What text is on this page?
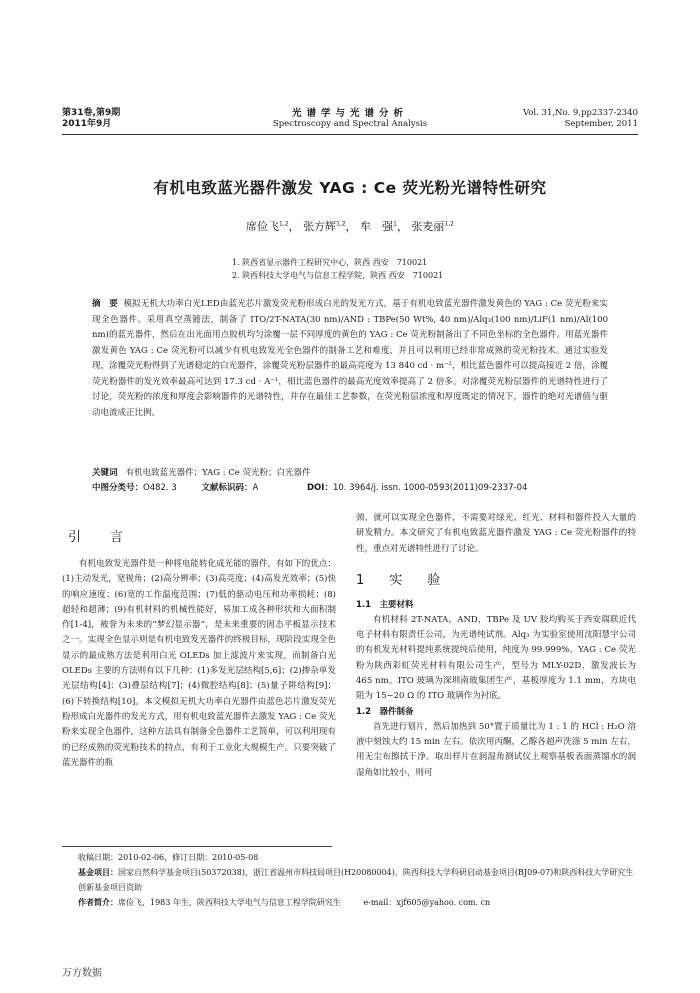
第31卷,第9期
2011年9月
光谱学与光谱分析
Spectroscopy and Spectral Analysis
Vol. 31,No. 9,pp2337-2340
September, 2011
有机电致蓝光器件激发 YAG : Ce 荧光粉光谱特性研究
席俭飞$^{1,2}$， 张方辉$^{1,2}$， 牟　强$^1$， 张麦丽$^{1,2}$
1. 陕西省显示器件工程研究中心，陕西 西安　710021
2. 陕西科技大学电气与信息工程学院，陕西 西安　710021
摘　要 模拟无机大功率白光LED由蓝光芯片激发荧光粉形成白光的发光方式，基于有机电致蓝光器件激发黄色的 YAG : Ce 荧光粉来实现全色器件。采用真空蒸镀法，制备了 ITO/2T-NATA(30 nm)/AND : TBPe(50 Wt%, 40 nm)/Alq₃(100 nm)/LiF(1 nm)/Al(100 nm)的蓝光器件，然后在出光面用点胶机均匀涂覆一层不同厚度的黄色的 YAG : Ce 荧光粉制备出了不同色坐标的全色器件。用蓝光器件激发黄色 YAG : Ce 荧光粉可以减少有机电致发光全色器件的制备工艺和难度，并且可以利用已经非常成熟的荧光粉技术。通过实验发现，涂覆荧光粉得到了光谱稳定的白光器件，涂覆荧光粉层器件的最高亮度为 13 840 cd · m⁻²，相比蓝色器件可以提高接近 2 倍，涂覆荧光粉器件的发光效率最高可达到 17.3 cd · A⁻¹，相比蓝色器件的最高光度效率提高了 2 倍多。对涂覆荧光粉层器件的光谱特性进行了讨论，荧光粉的浓度和厚度会影响器件的光谱特性，并存在最佳工艺参数，在荧光粉层浓度和厚度既定的情况下，器件的绝对光谱值与驱动电流成正比例。
关键词 有机电致蓝光器件；YAG : Ce 荧光粉；白光器件
中图分类号：O482. 3	文献标识码：A	DOI：10. 3964/j. issn. 1000-0593(2011)09-2337-04
引　言

有机电致发光器件是一种将电能转化成光能的器件，有如下的优点：(1)主动发光，宽视角；(2)高分辨率；(3)高亮度；(4)高发光效率；(5)快的响应速度；(6)宽的工作温度范围；(7)低的驱动电压和功率损耗；(8)超轻和超薄；(9)有机材料的机械性能好，易加工成各种形状和大面积制作[1-4]，被誉为未来的“梦幻显示器”，是未来重要的固态平板显示技术之一。实现全色显示则是有机电致发光器件的终极目标，现阶段实现全色显示的最成熟方法是利用白光 OLEDs 加上滤波片来实现，而制备白光 OLEDs 主要的方法则有以下几种：(1)多发光层结构[5,6]；(2)掺杂单发光层结构[4]；(3)叠层结构[7]；(4)微腔结构[8]；(5)量子阱结构[9]；(6)下转换结构[10]。本文模拟无机大功率白光器件由蓝色芯片激发荧光粉形成白光器件的发光方式，用有机电致蓝光器件去激发 YAG : Ce 荧光粉来实现全色器件，这种方法具有制备全色器件工艺简单，可以利用现有的已经成熟的荧光粉技术的特点，有利于工业化大规模生产。只要突破了蓝光器件的瓶

颈，就可以实现全色器件，不需要对绿光、红光、材料和器件投入大量的研发精力。本文研究了有机电致蓝光器件激发 YAG : Ce 荧光粉器件的特性，重点对光谱特性进行了讨论。
1　实　验
1.1　主要材料

有机材料 2T-NATA，AND，TBPe 及 UV 胶均购买于西安瑞联近代电子材料有限责任公司，为光谱纯试剂。Alq₃ 为实验室使用沈阳慧宇公司的有机发光材料提纯系统提纯后使用，纯度为 99.999%。YAG : Ce 荧光粉为陕西彩虹荧光材料有限公司生产，型号为 MLY-02D，激发波长为 465 nm。ITO 玻璃为深圳南玻集团生产，基板厚度为 1.1 mm，方块电阻为 15~20 Ω 的 ITO 玻璃作为衬底。

1.2　器件制备

首先进行划片，然后加热到 50°置于质量比为 1 : 1 的 HCl : H₂O 溶液中刻蚀大约 15 min 左右。依次用丙酮，乙醇各超声洗涤 5 min 左右，用无尘布擦拭干净。取出样片在润湿角测试仪上观察基板表面蒸馏水的润湿角如比较小，则可

收稿日期：2010-02-06，修订日期：2010-05-08
基金项目：国家自然科学基金项目(50372038)，浙江省温州市科技局项目(H20080004)，陕西科技大学科研启动基金项目(BJ09-07)和陕西科技大学研究生创新基金项目资助
作者简介：席俭飞，1983 年生，陕西科技大学电气与信息工程学院研究生	e-mail：xjf605@yahoo. com. cn
万方数据
